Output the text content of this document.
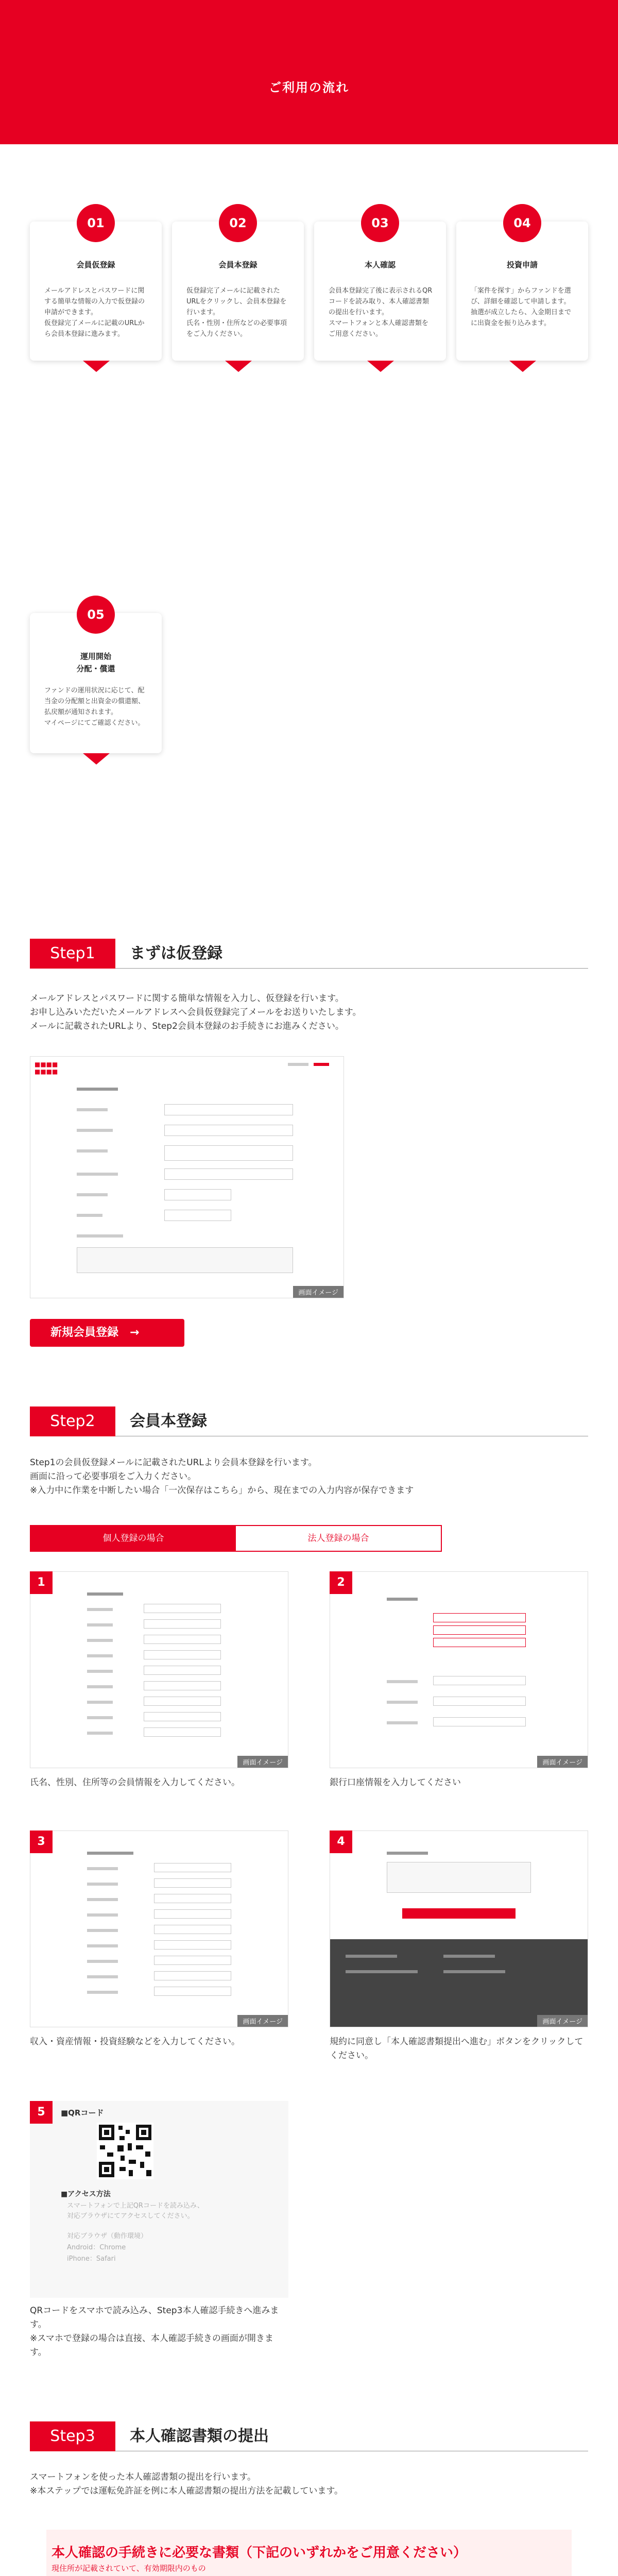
ご利用の流れ
01
会員仮登録
メールアドレスとパスワードに関する簡単な情報の入力で仮登録の申請ができます。
仮登録完了メールに記載のURLから会員本登録に進みます。
02
会員本登録
仮登録完了メールに記載されたURLをクリックし、会員本登録を行います。
氏名・性別・住所などの必要事項をご入力ください。
03
本人確認
会員本登録完了後に表示されるQRコードを読み取り、本人確認書類の提出を行います。
スマートフォンと本人確認書類をご用意ください。
04
投資申請
「案件を探す」からファンドを選び、詳細を確認して申請します。
抽選が成立したら、入金期日までに出資金を振り込みます。
05
運用開始
分配・償還
ファンドの運用状況に応じて、配当金の分配額と出資金の償還額、払戻額が通知されます。
マイページにてご確認ください。
Step1	まずは仮登録
メールアドレスとパスワードに関する簡単な情報を入力し、仮登録を行います。
お申し込みいただいたメールアドレスへ会員仮登録完了メールをお送りいたします。
メールに記載されたURLより、Step2会員本登録のお手続きにお進みください。
■■■■
■■■■
画面イメージ
新規会員登録　→
Step2	会員本登録
Step1の会員仮登録メールに記載されたURLより会員本登録を行います。
画面に沿って必要事項をご入力ください。
※入力中に作業を中断したい場合「一次保存はこちら」から、現在までの入力内容が保存できます
個人登録の場合	法人登録の場合
画面イメージ
1
氏名、性別、住所等の会員情報を入力してください。
画面イメージ
2
銀行口座情報を入力してください
画面イメージ
3
収入・資産情報・投資経験などを入力してください。
画面イメージ
4
規約に同意し「本人確認書類提出へ進む」ボタンをクリックしてください。
■QRコード
■アクセス方法
スマートフォンで上記QRコードを読み込み、
対応ブラウザにてアクセスしてください。
対応ブラウザ（動作環境）
Android：Chrome
iPhone：Safari
5
QRコードをスマホで読み込み、Step3本人確認手続きへ進みます。
※スマホで登録の場合は直接、本人確認手続きの画面が開きます。
Step3	本人確認書類の提出
スマートフォンを使った本人確認書類の提出を行います。
※本ステップでは運転免許証を例に本人確認書類の提出方法を記載しています。
本人確認の手続きに必要な書類（下記のいずれかをご用意ください）
現住所が記載されていて、有効期限内のもの
